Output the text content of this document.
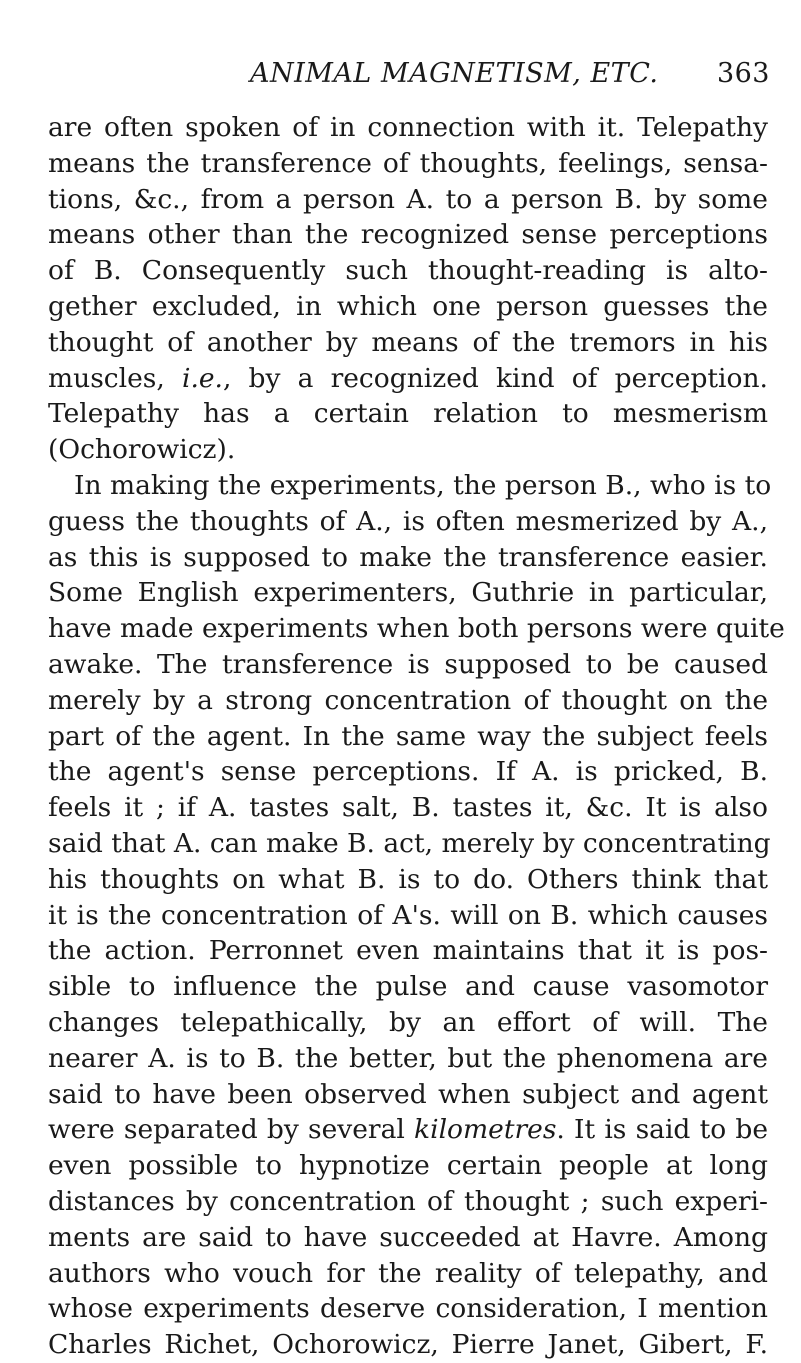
ANIMAL MAGNETISM, ETC. 363
are often spoken of in connection with it. Telepathy
means the transference of thoughts, feelings, sensa-
tions, &c., from a person A. to a person B. by some
means other than the recognized sense perceptions
of B. Consequently such thought-reading is alto-
gether excluded, in which one person guesses the
thought of another by means of the tremors in his
muscles, i.e., by a recognized kind of perception.
Telepathy has a certain relation to mesmerism
(Ochorowicz).
In making the experiments, the person B., who is to
guess the thoughts of A., is often mesmerized by A.,
as this is supposed to make the transference easier.
Some English experimenters, Guthrie in particular,
have made experiments when both persons were quite
awake. The transference is supposed to be caused
merely by a strong concentration of thought on the
part of the agent. In the same way the subject feels
the agent's sense perceptions. If A. is pricked, B.
feels it ; if A. tastes salt, B. tastes it, &c. It is also
said that A. can make B. act, merely by concentrating
his thoughts on what B. is to do. Others think that
it is the concentration of A's. will on B. which causes
the action. Perronnet even maintains that it is pos-
sible to influence the pulse and cause vasomotor
changes telepathically, by an effort of will. The
nearer A. is to B. the better, but the phenomena are
said to have been observed when subject and agent
were separated by several kilometres. It is said to be
even possible to hypnotize certain people at long
distances by concentration of thought ; such experi-
ments are said to have succeeded at Havre. Among
authors who vouch for the reality of telepathy, and
whose experiments deserve consideration, I mention
Charles Richet, Ochorowicz, Pierre Janet, Gibert, F.
